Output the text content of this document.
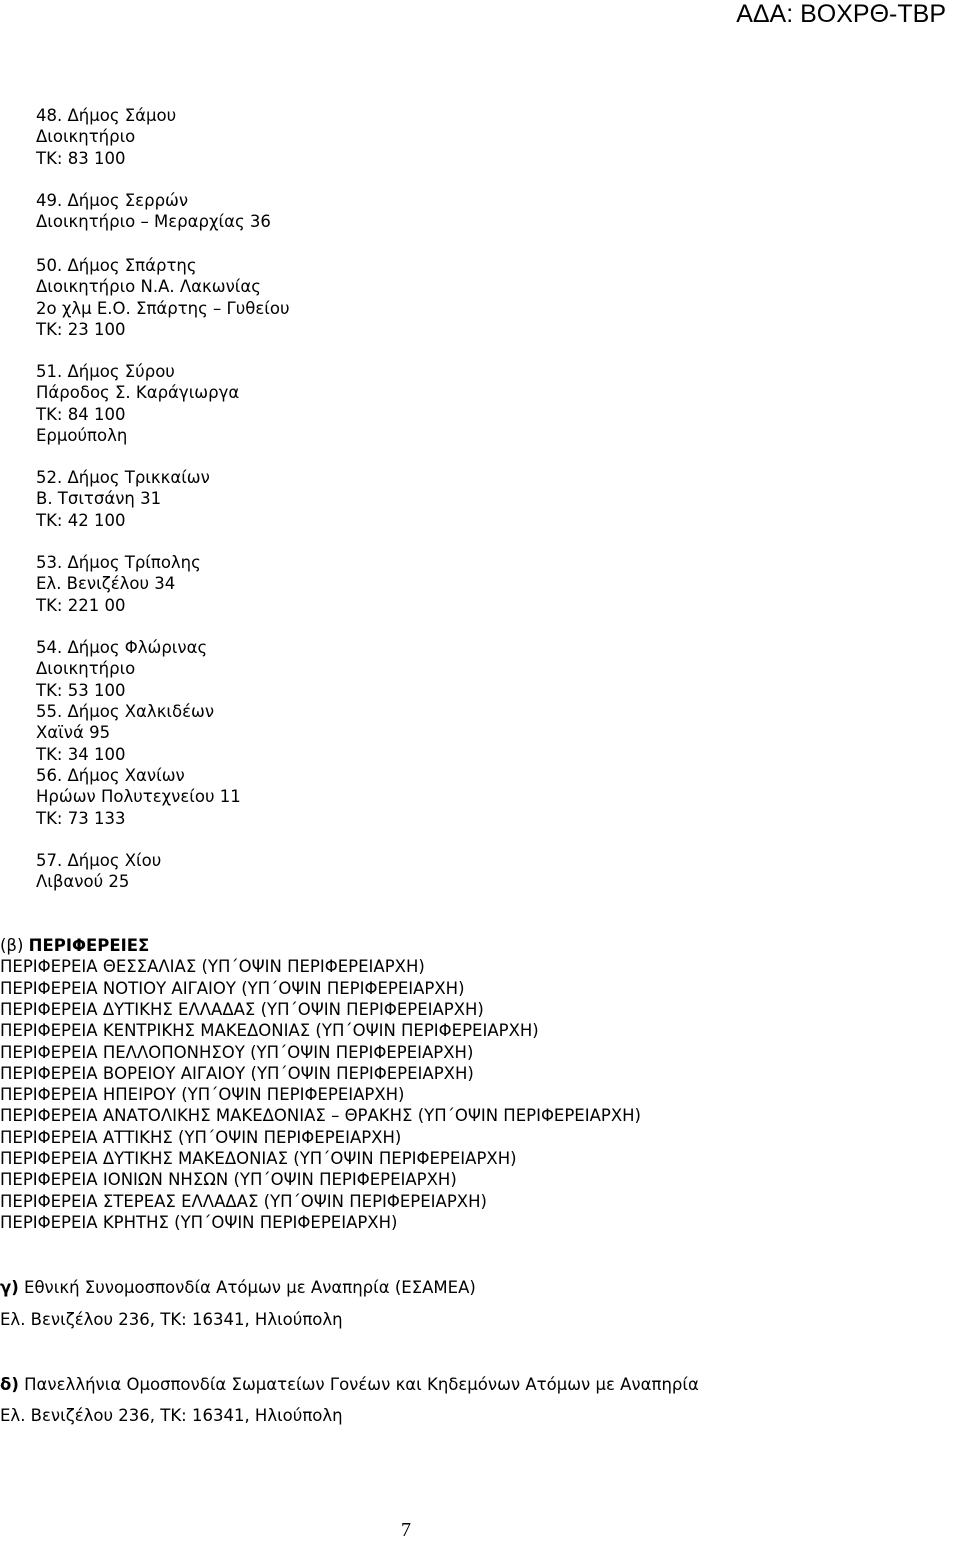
ΑΔΑ: ΒΟΧΡΘ-ΤΒΡ
48. Δήμος Σάμου
Διοικητήριο
ΤΚ: 83 100
49. Δήμος Σερρών
Διοικητήριο – Μεραρχίας 36
50. Δήμος Σπάρτης
Διοικητήριο Ν.Α. Λακωνίας
2ο χλμ Ε.Ο. Σπάρτης – Γυθείου
ΤΚ: 23 100
51. Δήμος Σύρου
Πάροδος Σ. Καράγιωργα
ΤΚ: 84 100
Ερμούπολη
52. Δήμος Τρικκαίων
Β. Τσιτσάνη 31
ΤΚ: 42 100
53. Δήμος Τρίπολης
Ελ. Βενιζέλου 34
ΤΚ: 221 00
54. Δήμος Φλώρινας
Διοικητήριο
ΤΚ: 53 100
55. Δήμος Χαλκιδέων
Χαϊνά 95
ΤΚ: 34 100
56. Δήμος Χανίων
Ηρώων Πολυτεχνείου 11
ΤΚ: 73 133
57. Δήμος Χίου
Λιβανού 25
(β) ΠΕΡΙΦΕΡΕΙΕΣ
ΠΕΡΙΦΕΡΕΙΑ ΘΕΣΣΑΛΙΑΣ (ΥΠ΄ΟΨΙΝ ΠΕΡΙΦΕΡΕΙΑΡΧΗ)
ΠΕΡΙΦΕΡΕΙΑ ΝΟΤΙΟΥ ΑΙΓΑΙΟΥ (ΥΠ΄ΟΨΙΝ ΠΕΡΙΦΕΡΕΙΑΡΧΗ)
ΠΕΡΙΦΕΡΕΙΑ ΔΥΤΙΚΗΣ ΕΛΛΑΔΑΣ (ΥΠ΄ΟΨΙΝ ΠΕΡΙΦΕΡΕΙΑΡΧΗ)
ΠΕΡΙΦΕΡΕΙΑ ΚΕΝΤΡΙΚΗΣ ΜΑΚΕΔΟΝΙΑΣ (ΥΠ΄ΟΨΙΝ ΠΕΡΙΦΕΡΕΙΑΡΧΗ)
ΠΕΡΙΦΕΡΕΙΑ ΠΕΛΛΟΠΟΝΗΣΟΥ (ΥΠ΄ΟΨΙΝ ΠΕΡΙΦΕΡΕΙΑΡΧΗ)
ΠΕΡΙΦΕΡΕΙΑ ΒΟΡΕΙΟΥ ΑΙΓΑΙΟΥ (ΥΠ΄ΟΨΙΝ ΠΕΡΙΦΕΡΕΙΑΡΧΗ)
ΠΕΡΙΦΕΡΕΙΑ ΗΠΕΙΡΟΥ (ΥΠ΄ΟΨΙΝ ΠΕΡΙΦΕΡΕΙΑΡΧΗ)
ΠΕΡΙΦΕΡΕΙΑ ΑΝΑΤΟΛΙΚΗΣ ΜΑΚΕΔΟΝΙΑΣ – ΘΡΑΚΗΣ (ΥΠ΄ΟΨΙΝ ΠΕΡΙΦΕΡΕΙΑΡΧΗ)
ΠΕΡΙΦΕΡΕΙΑ ΑΤΤΙΚΗΣ (ΥΠ΄ΟΨΙΝ ΠΕΡΙΦΕΡΕΙΑΡΧΗ)
ΠΕΡΙΦΕΡΕΙΑ ΔΥΤΙΚΗΣ ΜΑΚΕΔΟΝΙΑΣ (ΥΠ΄ΟΨΙΝ ΠΕΡΙΦΕΡΕΙΑΡΧΗ)
ΠΕΡΙΦΕΡΕΙΑ ΙΟΝΙΩΝ ΝΗΣΩΝ (ΥΠ΄ΟΨΙΝ ΠΕΡΙΦΕΡΕΙΑΡΧΗ)
ΠΕΡΙΦΕΡΕΙΑ ΣΤΕΡΕΑΣ ΕΛΛΑΔΑΣ (ΥΠ΄ΟΨΙΝ ΠΕΡΙΦΕΡΕΙΑΡΧΗ)
ΠΕΡΙΦΕΡΕΙΑ ΚΡΗΤΗΣ (ΥΠ΄ΟΨΙΝ ΠΕΡΙΦΕΡΕΙΑΡΧΗ)
γ) Εθνική Συνομοσπονδία Ατόμων με Αναπηρία (ΕΣΑΜΕΑ)
Ελ. Βενιζέλου 236, ΤΚ: 16341, Ηλιούπολη
δ) Πανελλήνια Ομοσπονδία Σωματείων Γονέων και Κηδεμόνων Ατόμων με Αναπηρία
Ελ. Βενιζέλου 236, ΤΚ: 16341, Ηλιούπολη
7
